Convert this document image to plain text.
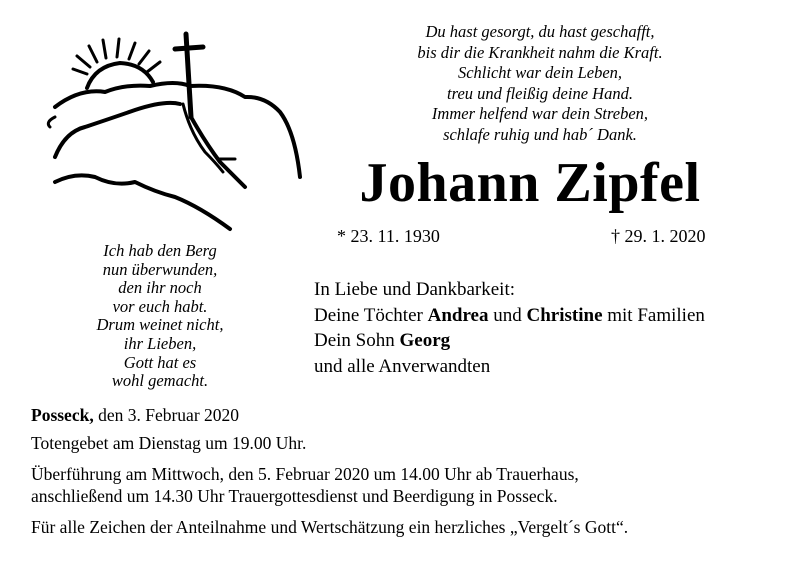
Du hast gesorgt, du hast geschafft,
bis dir die Krankheit nahm die Kraft.
Schlicht war dein Leben,
treu und fleißig deine Hand.
Immer helfend war dein Streben,
schlafe ruhig und hab´ Dank.
Johann Zipfel
* 23. 11. 1930	† 29. 1. 2020
Ich hab den Berg
nun überwunden,
den ihr noch
vor euch habt.
Drum weinet nicht,
ihr Lieben,
Gott hat es
wohl gemacht.
In Liebe und Dankbarkeit:
Deine Töchter Andrea und Christine mit Familien
Dein Sohn Georg
und alle Anverwandten
Posseck, den 3. Februar 2020
Totengebet am Dienstag um 19.00 Uhr.
Überführung am Mittwoch, den 5. Februar 2020 um 14.00 Uhr ab Trauerhaus,
anschließend um 14.30 Uhr Trauergottesdienst und Beerdigung in Posseck.
Für alle Zeichen der Anteilnahme und Wertschätzung ein herzliches „Vergelt´s Gott“.
